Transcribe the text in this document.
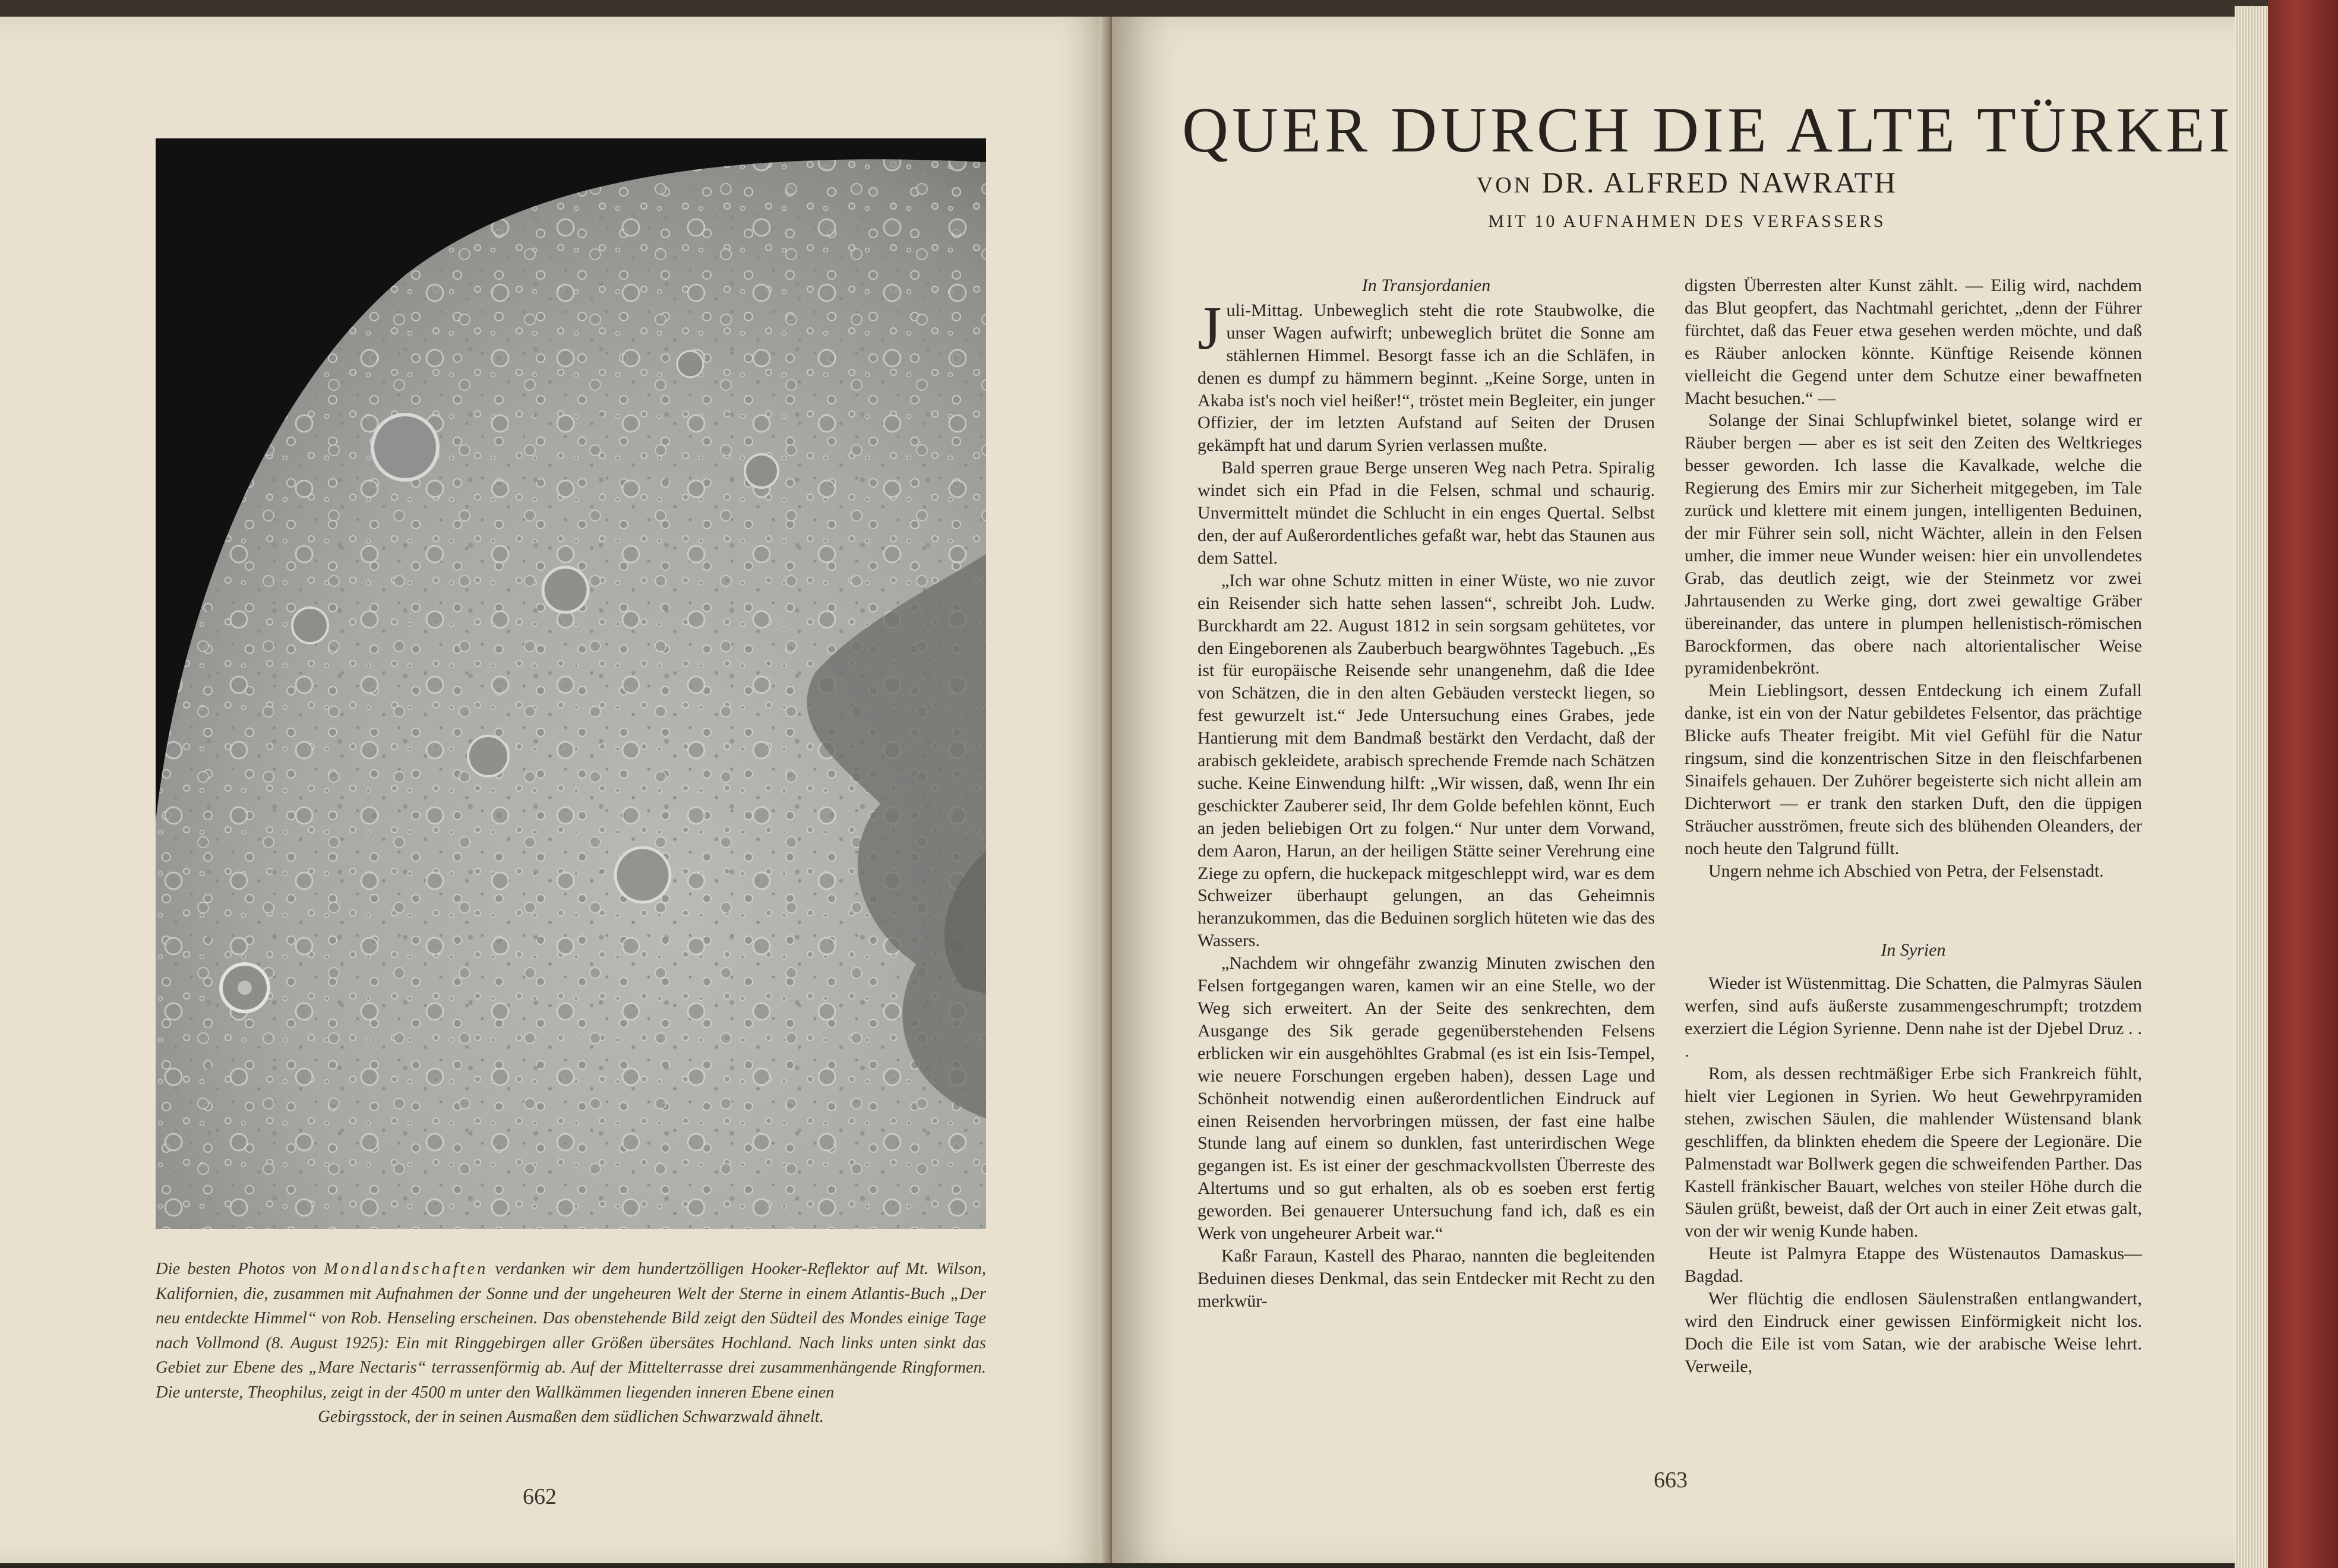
Die besten Photos von Mondlandschaften verdanken wir dem hundertzölligen Hooker-Reflektor auf Mt. Wilson, Kalifornien, die, zusammen mit Aufnahmen der Sonne und der ungeheuren Welt der Sterne in einem Atlantis-Buch „Der neu entdeckte Himmel“ von Rob. Henseling erscheinen. Das obenstehende Bild zeigt den Südteil des Mondes einige Tage nach Vollmond (8. August 1925): Ein mit Ringgebirgen aller Größen übersätes Hochland. Nach links unten sinkt das Gebiet zur Ebene des „Mare Nectaris“ terrassenförmig ab. Auf der Mittelterrasse drei zusammenhängende Ringformen. Die unterste, Theophilus, zeigt in der 4500 m unter den Wallkämmen liegenden inneren Ebene einen

Gebirgsstock, der in seinen Ausmaßen dem südlichen Schwarzwald ähnelt.

662
QUER DURCH DIE ALTE TÜRKEI
VON DR. ALFRED NAWRATH
MIT 10 AUFNAHMEN DES VERFASSERS

In Transjordanien

Juli-Mittag. Unbeweglich steht die rote Staubwolke, die unser Wagen aufwirft; unbeweglich brütet die Sonne am stählernen Himmel. Besorgt fasse ich an die Schläfen, in denen es dumpf zu hämmern beginnt. „Keine Sorge, unten in Akaba ist's noch viel heißer!“, tröstet mein Begleiter, ein junger Offizier, der im letzten Aufstand auf Seiten der Drusen gekämpft hat und darum Syrien verlassen mußte.

Bald sperren graue Berge unseren Weg nach Petra. Spiralig windet sich ein Pfad in die Felsen, schmal und schaurig. Unvermittelt mündet die Schlucht in ein enges Quertal. Selbst den, der auf Außerordentliches gefaßt war, hebt das Staunen aus dem Sattel.

„Ich war ohne Schutz mitten in einer Wüste, wo nie zuvor ein Reisender sich hatte sehen lassen“, schreibt Joh. Ludw. Burckhardt am 22. August 1812 in sein sorgsam gehütetes, vor den Eingeborenen als Zauberbuch beargwöhntes Tagebuch. „Es ist für europäische Reisende sehr unangenehm, daß die Idee von Schätzen, die in den alten Gebäuden versteckt liegen, so fest gewurzelt ist.“ Jede Untersuchung eines Grabes, jede Hantierung mit dem Bandmaß bestärkt den Verdacht, daß der arabisch gekleidete, arabisch sprechende Fremde nach Schätzen suche. Keine Einwendung hilft: „Wir wissen, daß, wenn Ihr ein geschickter Zauberer seid, Ihr dem Golde befehlen könnt, Euch an jeden beliebigen Ort zu folgen.“ Nur unter dem Vorwand, dem Aaron, Harun, an der heiligen Stätte seiner Verehrung eine Ziege zu opfern, die huckepack mitgeschleppt wird, war es dem Schweizer überhaupt gelungen, an das Geheimnis heranzukommen, das die Beduinen sorglich hüteten wie das des Wassers.

„Nachdem wir ohngefähr zwanzig Minuten zwischen den Felsen fortgegangen waren, kamen wir an eine Stelle, wo der Weg sich erweitert. An der Seite des senkrechten, dem Ausgange des Sik gerade gegenüberstehenden Felsens erblicken wir ein ausgehöhltes Grabmal (es ist ein Isis-Tempel, wie neuere Forschungen ergeben haben), dessen Lage und Schönheit notwendig einen außerordentlichen Eindruck auf einen Reisenden hervorbringen müssen, der fast eine halbe Stunde lang auf einem so dunklen, fast unterirdischen Wege gegangen ist. Es ist einer der geschmackvollsten Überreste des Altertums und so gut erhalten, als ob es soeben erst fertig geworden. Bei genauerer Untersuchung fand ich, daß es ein Werk von ungeheurer Arbeit war.“

Kaßr Faraun, Kastell des Pharao, nannten die begleitenden Beduinen dieses Denkmal, das sein Entdecker mit Recht zu den merkwür-

digsten Überresten alter Kunst zählt. — Eilig wird, nachdem das Blut geopfert, das Nachtmahl gerichtet, „denn der Führer fürchtet, daß das Feuer etwa gesehen werden möchte, und daß es Räuber anlocken könnte. Künftige Reisende können vielleicht die Gegend unter dem Schutze einer bewaffneten Macht besuchen.“ —

Solange der Sinai Schlupfwinkel bietet, solange wird er Räuber bergen — aber es ist seit den Zeiten des Weltkrieges besser geworden. Ich lasse die Kavalkade, welche die Regierung des Emirs mir zur Sicherheit mitgegeben, im Tale zurück und klettere mit einem jungen, intelligenten Beduinen, der mir Führer sein soll, nicht Wächter, allein in den Felsen umher, die immer neue Wunder weisen: hier ein unvollendetes Grab, das deutlich zeigt, wie der Steinmetz vor zwei Jahrtausenden zu Werke ging, dort zwei gewaltige Gräber übereinander, das untere in plumpen hellenistisch-römischen Barockformen, das obere nach altorientalischer Weise pyramidenbekrönt.

Mein Lieblingsort, dessen Entdeckung ich einem Zufall danke, ist ein von der Natur gebildetes Felsentor, das prächtige Blicke aufs Theater freigibt. Mit viel Gefühl für die Natur ringsum, sind die konzentrischen Sitze in den fleischfarbenen Sinaifels gehauen. Der Zuhörer begeisterte sich nicht allein am Dichterwort — er trank den starken Duft, den die üppigen Sträucher ausströmen, freute sich des blühenden Oleanders, der noch heute den Talgrund füllt.

Ungern nehme ich Abschied von Petra, der Felsenstadt.

In Syrien

Wieder ist Wüstenmittag. Die Schatten, die Palmyras Säulen werfen, sind aufs äußerste zusammengeschrumpft; trotzdem exerziert die Légion Syrienne. Denn nahe ist der Djebel Druz . . .

Rom, als dessen rechtmäßiger Erbe sich Frankreich fühlt, hielt vier Legionen in Syrien. Wo heut Gewehrpyramiden stehen, zwischen Säulen, die mahlender Wüstensand blank geschliffen, da blinkten ehedem die Speere der Legionäre. Die Palmenstadt war Bollwerk gegen die schweifenden Parther. Das Kastell fränkischer Bauart, welches von steiler Höhe durch die Säulen grüßt, beweist, daß der Ort auch in einer Zeit etwas galt, von der wir wenig Kunde haben.

Heute ist Palmyra Etappe des Wüstenautos Damaskus—Bagdad.

Wer flüchtig die endlosen Säulenstraßen entlangwandert, wird den Eindruck einer gewissen Einförmigkeit nicht los. Doch die Eile ist vom Satan, wie der arabische Weise lehrt. Verweile,

663
